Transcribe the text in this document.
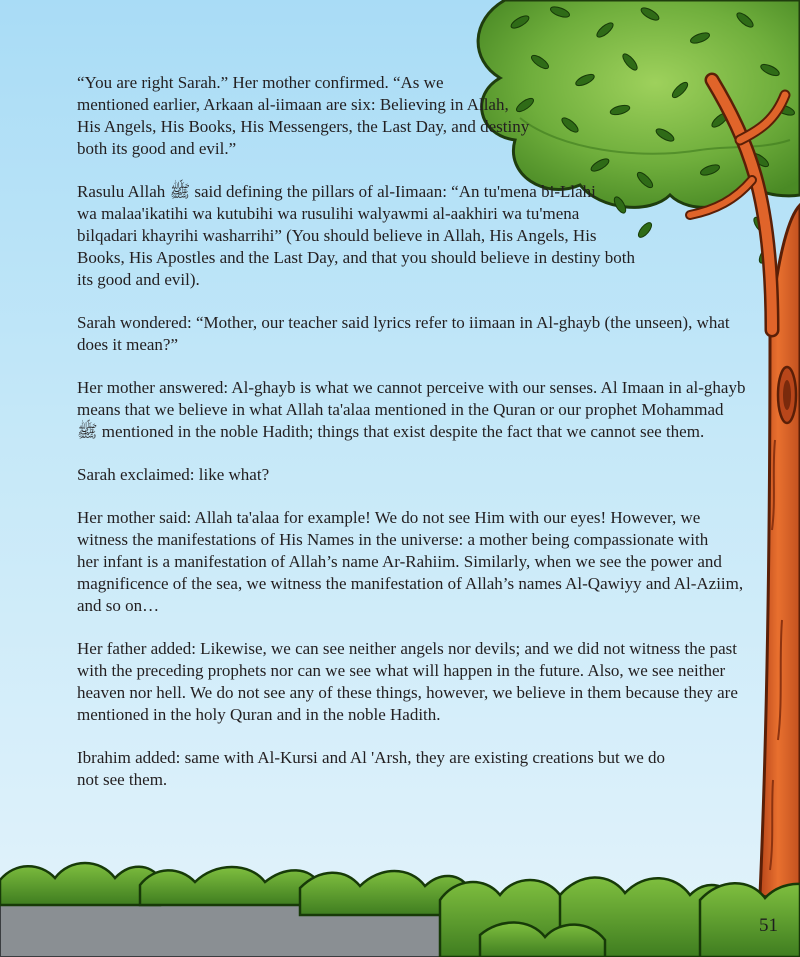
“You are right Sarah.” Her mother confirmed. “As we
mentioned earlier, Arkaan al-iimaan are six: Believing in Allah,
His Angels, His Books, His Messengers, the Last Day, and destiny
both its good and evil.”

Rasulu Allah ﷺ said defining the pillars of al-Iimaan: “An tu'mena bi-Llahi
wa malaa'ikatihi wa kutubihi wa rusulihi walyawmi al-aakhiri wa tu'mena
bilqadari khayrihi washarrihi” (You should believe in Allah, His Angels, His
Books, His Apostles and the Last Day, and that you should believe in destiny both
its good and evil).

Sarah wondered: “Mother, our teacher said lyrics refer to iimaan in Al-ghayb (the unseen), what
does it mean?”

Her mother answered: Al-ghayb is what we cannot perceive with our senses. Al Imaan in al-ghayb
means that we believe in what Allah ta'alaa mentioned in the Quran or our prophet Mohammad
ﷺ mentioned in the noble Hadith; things that exist despite the fact that we cannot see them.

Sarah exclaimed: like what?

Her mother said: Allah ta'alaa for example! We do not see Him with our eyes! However, we
witness the manifestations of His Names in the universe: a mother being compassionate with
her infant is a manifestation of Allah’s name Ar-Rahiim. Similarly, when we see the power and
magnificence of the sea, we witness the manifestation of Allah’s names Al-Qawiyy and Al-Aziim,
and so on…

Her father added: Likewise, we can see neither angels nor devils; and we did not witness the past
with the preceding prophets nor can we see what will happen in the future. Also, we see neither
heaven nor hell. We do not see any of these things, however, we believe in them because they are
mentioned in the holy Quran and in the noble Hadith.

Ibrahim added: same with Al-Kursi and Al 'Arsh, they are existing creations but we do
not see them.

51
